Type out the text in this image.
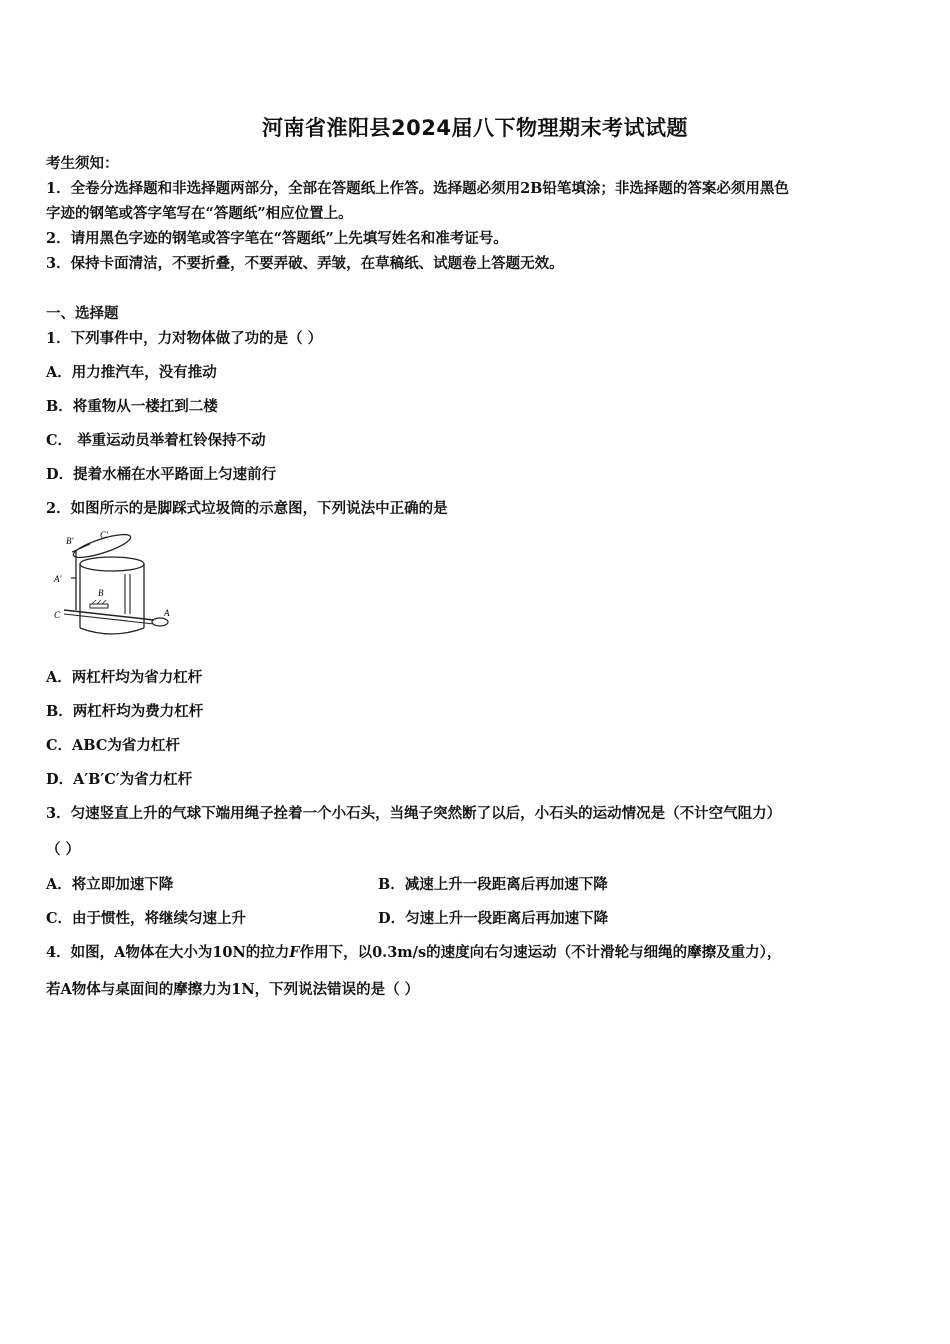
河南省淮阳县2024届八下物理期末考试试题
考生须知：
1．全卷分选择题和非选择题两部分，全部在答题纸上作答。选择题必须用2B铅笔填涂；非选择题的答案必须用黑色
字迹的钢笔或答字笔写在“答题纸”相应位置上。
2．请用黑色字迹的钢笔或答字笔在“答题纸”上先填写姓名和准考证号。
3．保持卡面清洁，不要折叠，不要弄破、弄皱，在草稿纸、试题卷上答题无效。
一、选择题
1．下列事件中，力对物体做了功的是（ ）
A．用力推汽车，没有推动
B．将重物从一楼扛到二楼
C． 举重运动员举着杠铃保持不动
D．提着水桶在水平路面上匀速前行
2．如图所示的是脚踩式垃圾筒的示意图，下列说法中正确的是
B'
C'
A'
B
C	A
A．两杠杆均为省力杠杆
B．两杠杆均为费力杠杆
C．ABC为省力杠杆
D．A′B′C′为省力杠杆
3．匀速竖直上升的气球下端用绳子拴着一个小石头，当绳子突然断了以后，小石头的运动情况是（不计空气阻力）
（ ）
A．将立即加速下降	B．减速上升一段距离后再加速下降
C．由于惯性，将继续匀速上升	D．匀速上升一段距离后再加速下降
4．如图，A物体在大小为10N的拉力F作用下，以0.3m/s的速度向右匀速运动（不计滑轮与细绳的摩擦及重力），
若A物体与桌面间的摩擦力为1N，下列说法错误的是（ ）
